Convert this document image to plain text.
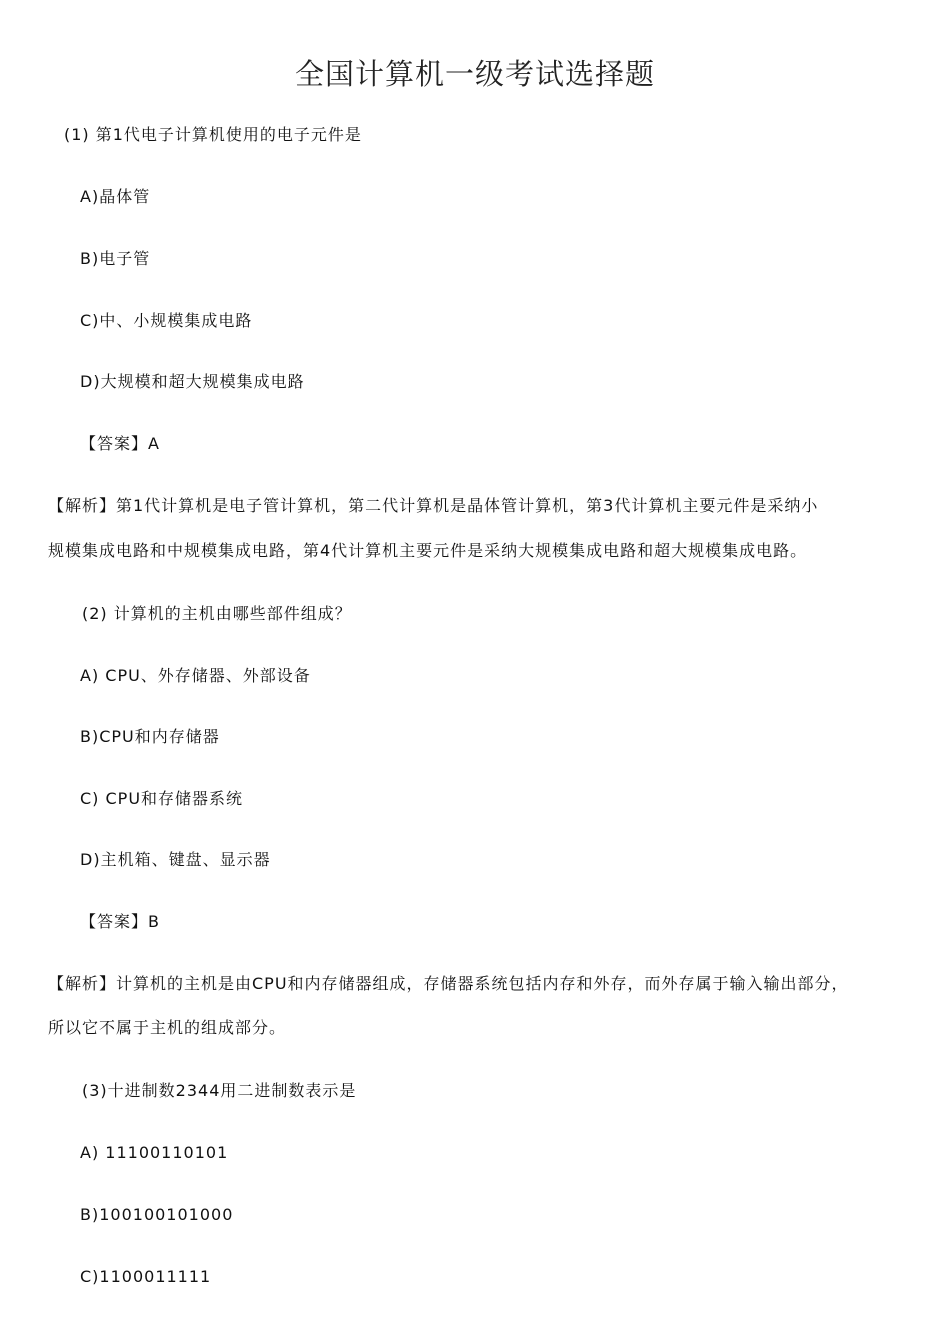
全国计算机一级考试选择题
(1) 第1代电子计算机使用的电子元件是
A)晶体管
B)电子管
C)中、小规模集成电路
D)大规模和超大规模集成电路
【答案】A
【解析】第1代计算机是电子管计算机，第二代计算机是晶体管计算机，第3代计算机主要元件是采纳小
规模集成电路和中规模集成电路，第4代计算机主要元件是采纳大规模集成电路和超大规模集成电路。
(2) 计算机的主机由哪些部件组成？
A) CPU、外存储器、外部设备
B)CPU和内存储器
C) CPU和存储器系统
D)主机箱、键盘、显示器
【答案】B
【解析】计算机的主机是由CPU和内存储器组成，存储器系统包括内存和外存，而外存属于输入输出部分，
所以它不属于主机的组成部分。
(3)十进制数2344用二进制数表示是
A) 11100110101
B)100100101000
C)1100011111
